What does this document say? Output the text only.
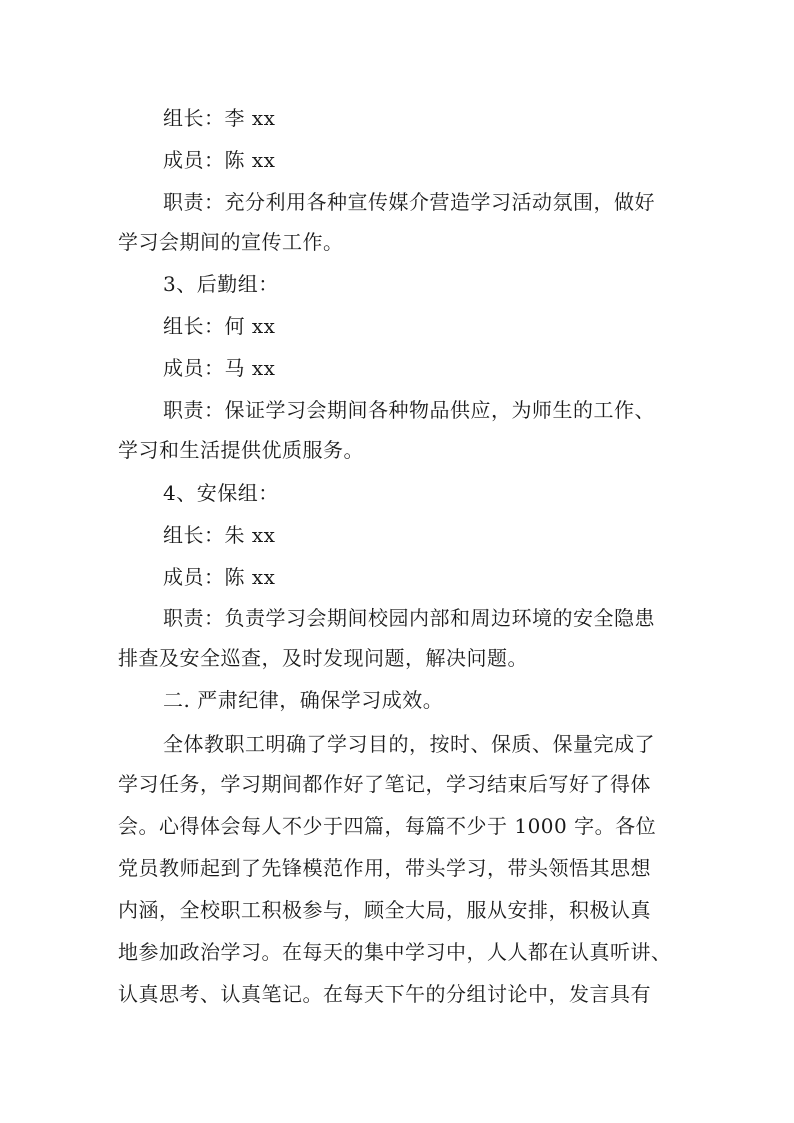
组长：李 xx
成员：陈 xx
职责：充分利用各种宣传媒介营造学习活动氛围，做好
学习会期间的宣传工作。
3、后勤组：
组长：何 xx
成员：马 xx
职责：保证学习会期间各种物品供应，为师生的工作、
学习和生活提供优质服务。
4、安保组：
组长：朱 xx
成员：陈 xx
职责：负责学习会期间校园内部和周边环境的安全隐患
排查及安全巡查，及时发现问题，解决问题。
二. 严肃纪律，确保学习成效。
全体教职工明确了学习目的，按时、保质、保量完成了
学习任务，学习期间都作好了笔记，学习结束后写好了得体
会。心得体会每人不少于四篇，每篇不少于 1000 字。各位
党员教师起到了先锋模范作用，带头学习，带头领悟其思想
内涵，全校职工积极参与，顾全大局，服从安排，积极认真
地参加政治学习。在每天的集中学习中，人人都在认真听讲、
认真思考、认真笔记。在每天下午的分组讨论中，发言具有
